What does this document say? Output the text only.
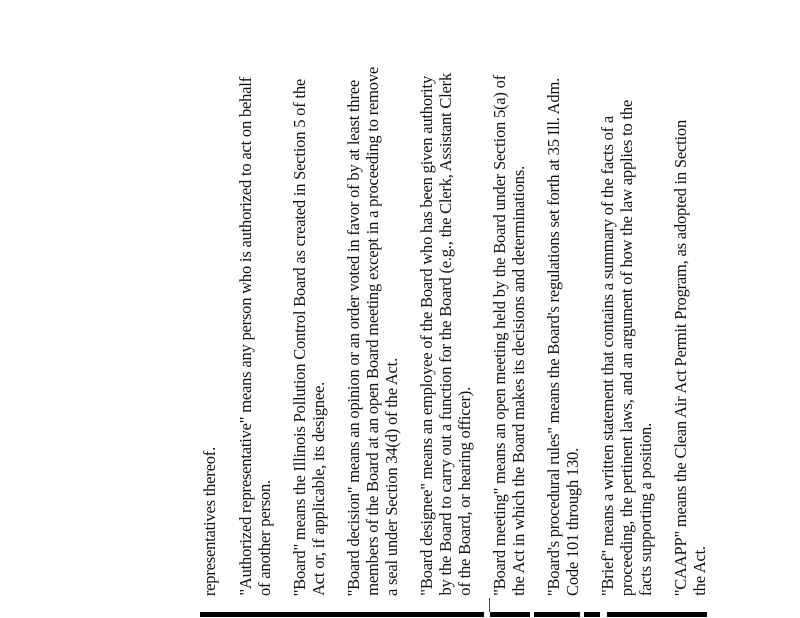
representatives thereof. "Authorized representative" means any person who is authorized to act on behalf of another person. "Board" means the Illinois Pollution Control Board as created in Section 5 of the Act or, if applicable, its designee. "Board decision" means an opinion or an order voted in favor of by at least three members of the Board at an open Board meeting except in a proceeding to remove a seal under Section 34(d) of the Act. "Board designee" means an employee of the Board who has been given authority by the Board to carry out a function for the Board (e.g., the Clerk, Assistant Clerk of the Board, or hearing officer). "Board meeting" means an open meeting held by the Board under Section 5(a) of the Act in which the Board makes its decisions and determinations. "Board's procedural rules" means the Board's regulations set forth at 35 Ill. Adm. Code 101 through 130. "Brief" means a written statement that contains a summary of the facts of a proceeding, the pertinent laws, and an argument of how the law applies to the facts supporting a position. "CAAPP" means the Clean Air Act Permit Program, as adopted in Section the Act.
